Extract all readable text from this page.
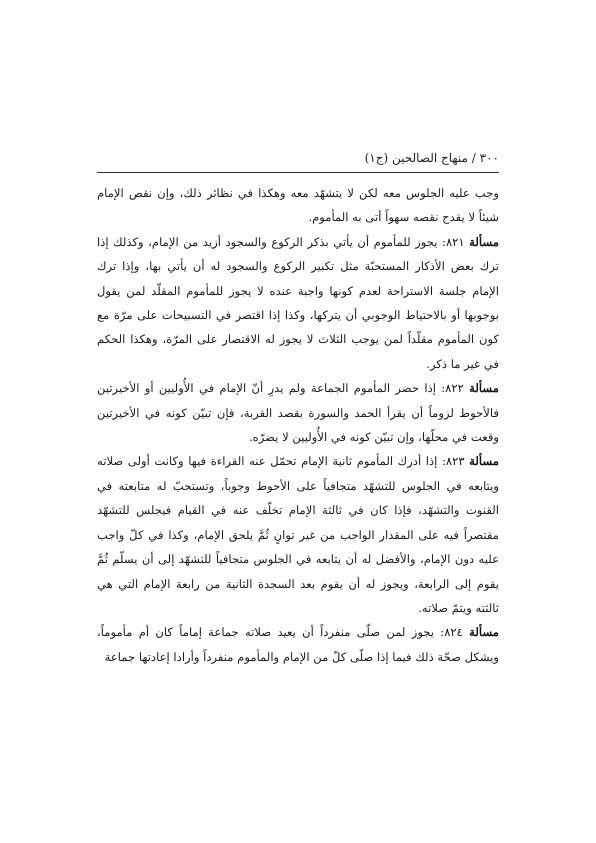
٣٠٠ / منهاج الصالحين (ج١)

وجب عليه الجلوس معه لكن لا يتشهّد معه وهكذا في نظائر ذلك، وإن نقص الإمام شيئاً لا يقدح نقصه سهواً أتى به المأموم.

مسألة ٨٢١: يجوز للمأموم أن يأتي بذكر الركوع والسجود أزيد من الإمام، وكذلك إذا ترك بعض الأذكار المستحبّة مثل تكبير الركوع والسجود له أن يأتي بها، وإذا ترك الإمام جلسة الاستراحة لعدم كونها واجبة عنده لا يجوز للمأموم المقلّد لمن يقول بوجوبها أو بالاحتياط الوجوبي أن يتركها، وكذا إذا اقتصر في التسبيحات على مرّة مع كون المأموم مقلّداً لمن يوجب الثلاث لا يجوز له الاقتصار على المرّة، وهكذا الحكم في غير ما ذكر.

مسألة ٨٢٢: إذا حضر المأموم الجماعة ولم يدرِ أنّ الإمام في الأُوليين أو الأخيرتين فالأحوط لزوماً أن يقرأ الحمد والسورة بقصد القربة، فإن تبيّن كونه في الأخيرتين وقعت في محلّها، وإن تبيّن كونه في الأُوليين لا يضرّه.

مسألة ٨٢٣: إذا أدرك المأموم ثانية الإمام تحمّل عنه القراءة فيها وكانت أولى صلاته ويتابعه في الجلوس للتشهّد متجافياً على الأحوط وجوباً، وتستحبّ له متابعته في القنوت والتشهّد، فإذا كان في ثالثة الإمام تخلّف عنه في القيام فيجلس للتشهّد مقتصراً فيه على المقدار الواجب من غير توانٍ ثُمَّ يلحق الإمام، وكذا في كلّ واجب عليه دون الإمام، والأفضل له أن يتابعه في الجلوس متجافياً للتشهّد إلى أن يسلّم ثُمَّ يقوم إلى الرابعة، ويجوز له أن يقوم بعد السجدة الثانية من رابعة الإمام التي هي ثالثته ويتمّ صلاته.

مسألة ٨٢٤: يجوز لمن صلّى منفرداً أن يعيد صلاته جماعة إماماً كان أم مأموماً، ويشكل صحّة ذلك فيما إذا صلّى كلّ من الإمام والمأموم منفرداً وأرادا إعادتها جماعة
